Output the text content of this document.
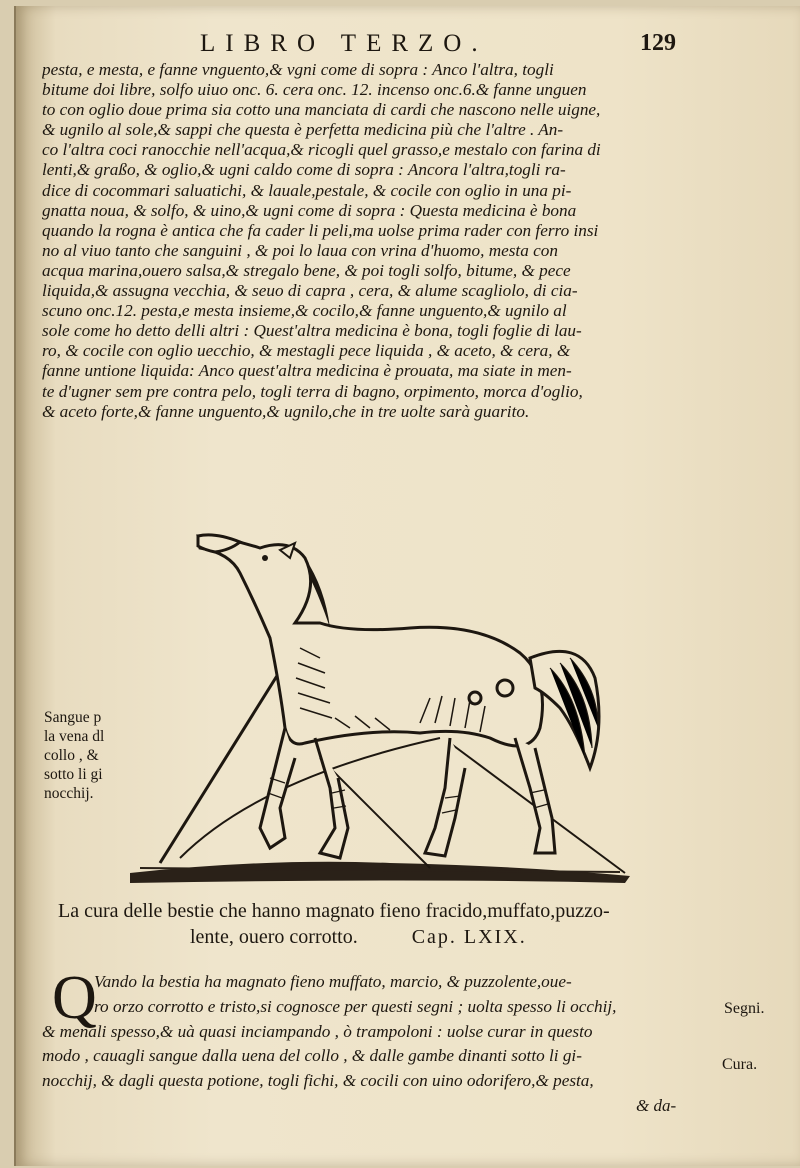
LIBRO TERZO.	129
pesta, e mesta, e fanne vnguento,& vgni come di sopra : Anco l'altra, togli
bitume doi libre, solfo uiuo onc. 6. cera onc. 12. incenso onc.6.& fanne unguen
to con oglio doue prima sia cotto una manciata di cardi che nascono nelle uigne,
& ugnilo al sole,& sappi che questa è perfetta medicina più che l'altre . An-
co l'altra coci ranocchie nell'acqua,& ricogli quel grasso,e mestalo con farina di
lenti,& graßo, & oglio,& ugni caldo come di sopra : Ancora l'altra,togli ra-
dice di cocommari saluatichi, & lauale,pestale, & cocile con oglio in una pi-
gnatta noua, & solfo, & uino,& ugni come di sopra : Questa medicina è bona
quando la rogna è antica che fa cader li peli,ma uolse prima rader con ferro insi
no al viuo tanto che sanguini , & poi lo laua con vrina d'huomo, mesta con
acqua marina,ouero salsa,& stregalo bene, & poi togli solfo, bitume, & pece
liquida,& assugna vecchia, & seuo di capra , cera, & alume scagliolo, di cia-
scuno onc.12. pesta,e mesta insieme,& cocilo,& fanne unguento,& ugnilo al
sole come ho detto delli altri : Quest'altra medicina è bona, togli foglie di lau-
ro, & cocile con oglio uecchio, & mestagli pece liquida , & aceto, & cera, &
fanne untione liquida: Anco quest'altra medicina è prouata, ma siate in men-
te d'ugner sem pre contra pelo, togli terra di bagno, orpimento, morca d'oglio,
& aceto forte,& fanne unguento,& ugnilo,che in tre uolte sarà guarito.
Sangue p
la vena dl
collo , &
sotto li gi
nocchij.
La cura delle bestie che hanno magnato fieno fracido,muffato,puzzo-
lente, ouero corrotto.	Cap. LXIX.
Q
Vando la bestia ha magnato fieno muffato, marcio, & puzzolente,oue-
ro orzo corrotto e tristo,si cognosce per questi segni ; uolta spesso li occhij,
& menali spesso,& uà quasi inciampando , ò trampoloni : uolse curar in questo
modo , cauagli sangue dalla uena del collo , & dalle gambe dinanti sotto li gi-
nocchij, & dagli questa potione, togli fichi, & cocili con uino odorifero,& pesta,
Segni.
Cura.
& da-
